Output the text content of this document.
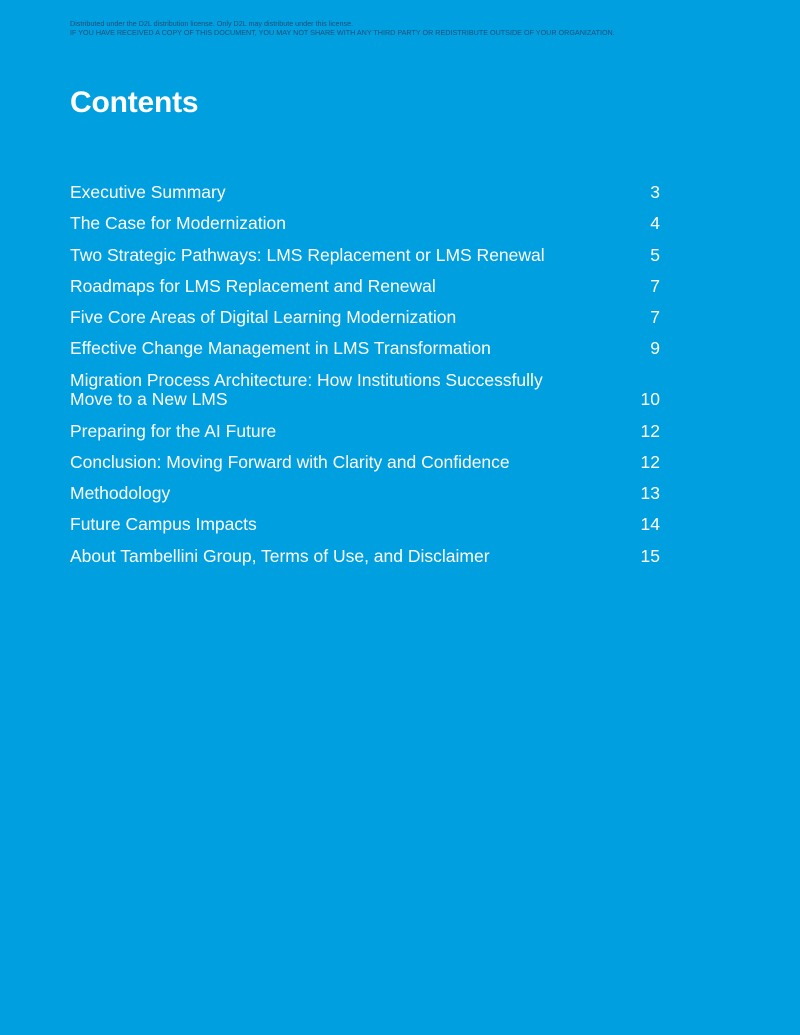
Distributed under the D2L distribution license. Only D2L may distribute under this license.
IF YOU HAVE RECEIVED A COPY OF THIS DOCUMENT, YOU MAY NOT SHARE WITH ANY THIRD PARTY OR REDISTRIBUTE OUTSIDE OF YOUR ORGANIZATION.
Contents
Executive Summary	3
The Case for Modernization	4
Two Strategic Pathways: LMS Replacement or LMS Renewal	5
Roadmaps for LMS Replacement and Renewal	7
Five Core Areas of Digital Learning Modernization	7
Effective Change Management in LMS Transformation	9
Migration Process Architecture: How Institutions Successfully Move to a New LMS	10
Preparing for the AI Future	12
Conclusion: Moving Forward with Clarity and Confidence	12
Methodology	13
Future Campus Impacts	14
About Tambellini Group, Terms of Use, and Disclaimer	15
